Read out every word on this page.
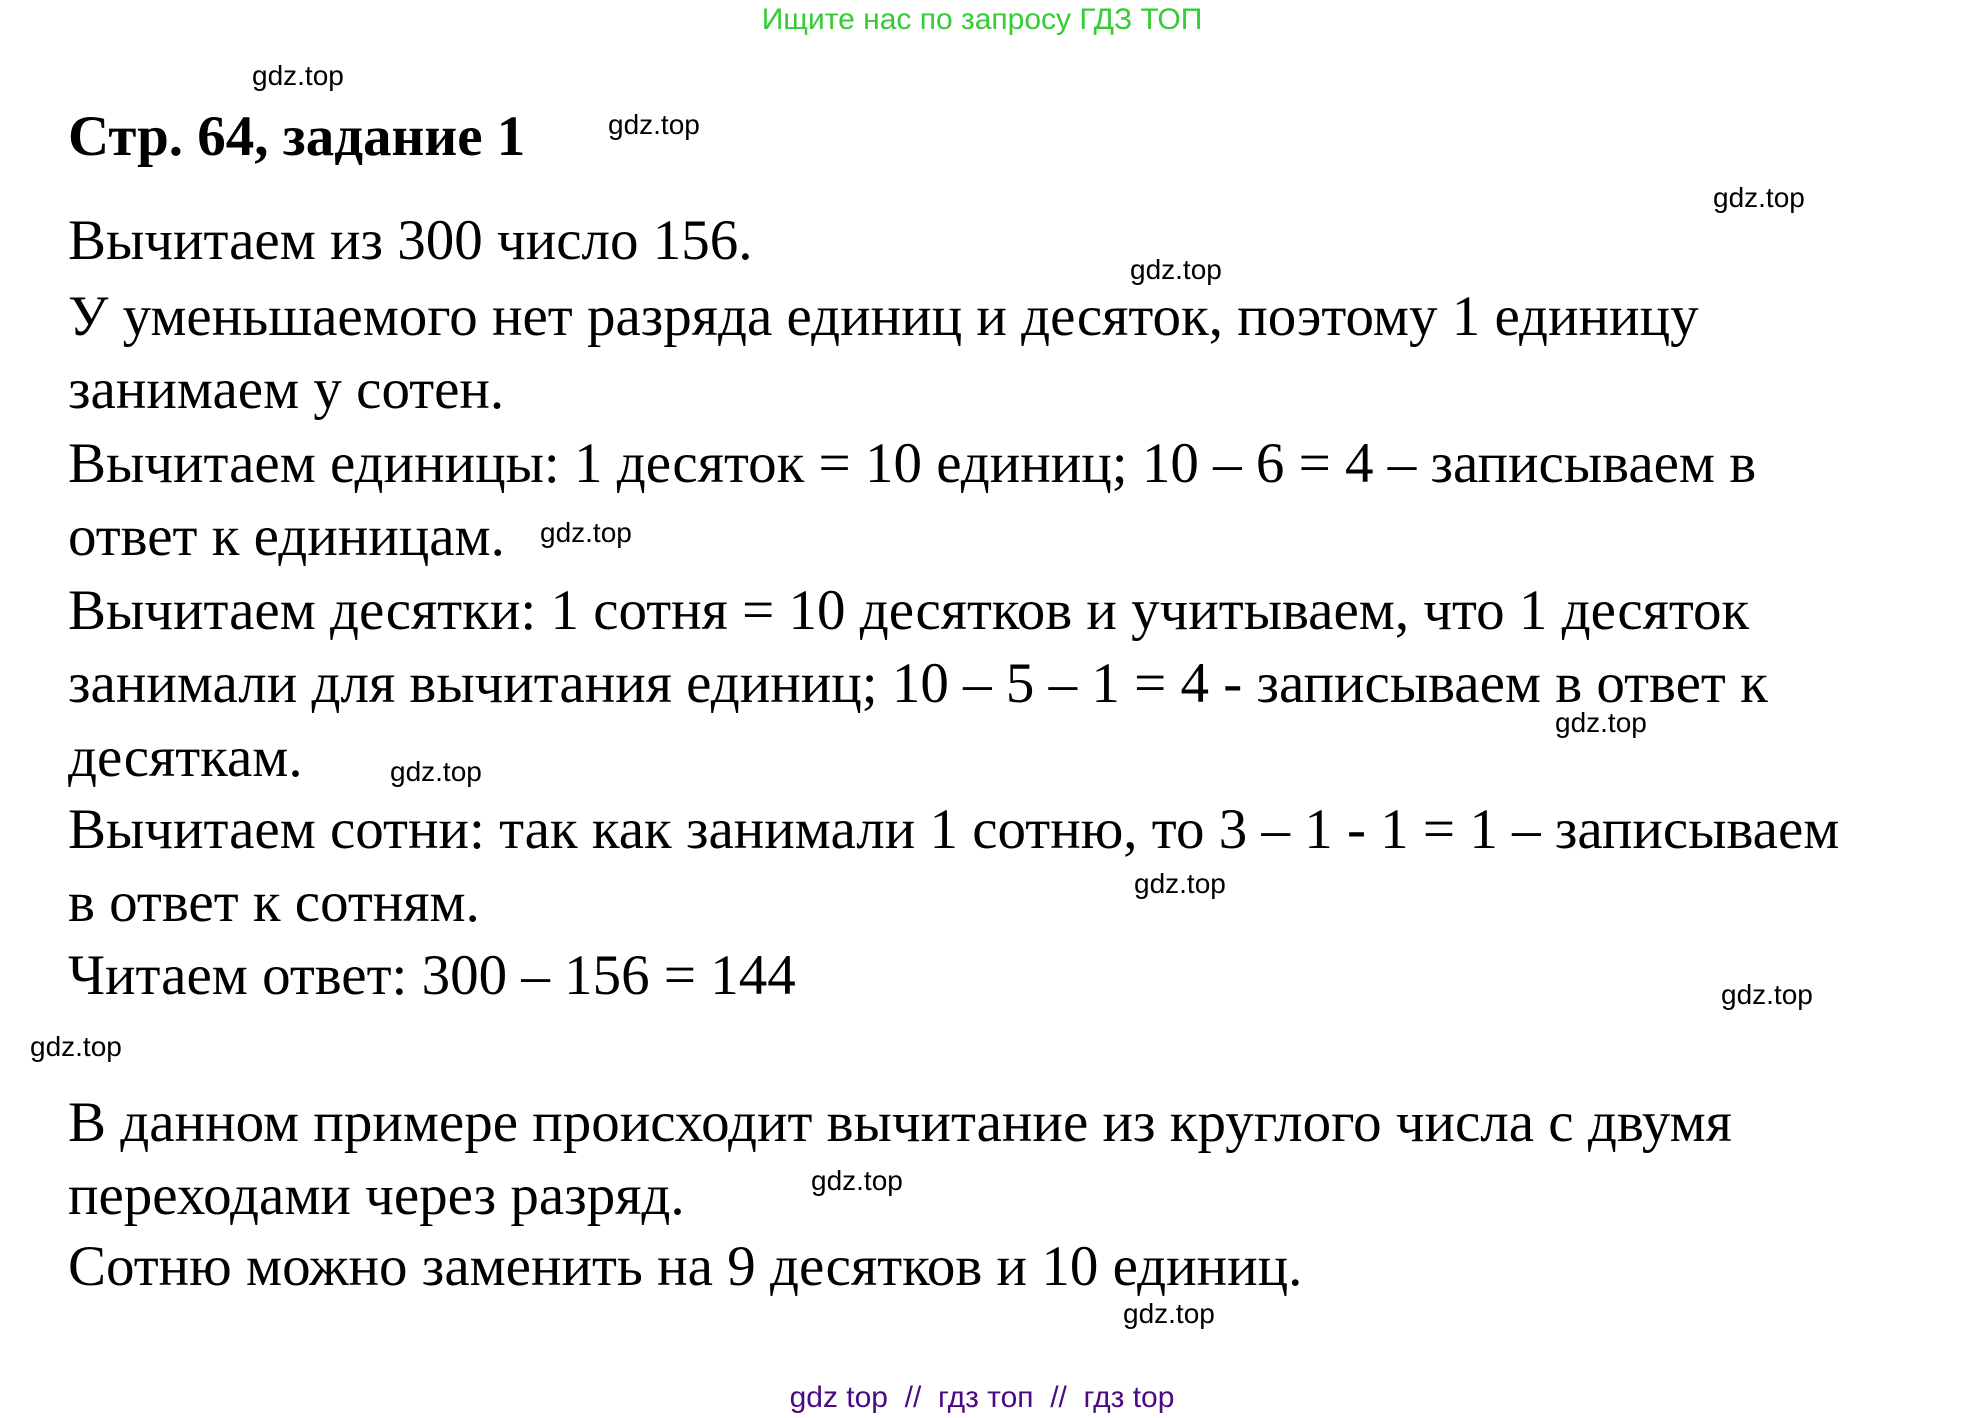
Ищите нас по запросу ГДЗ ТОП
Стр. 64, задание 1
Вычитаем из 300 число 156.
У уменьшаемого нет разряда единиц и десяток, поэтому 1 единицу
занимаем у сотен.
Вычитаем единицы: 1 десяток = 10 единиц; 10 – 6 = 4 – записываем в
ответ к единицам.
Вычитаем десятки: 1 сотня = 10 десятков и учитываем, что 1 десяток
занимали для вычитания единиц; 10 – 5 – 1 = 4 - записываем в ответ к
десяткам.
Вычитаем сотни: так как занимали 1 сотню, то 3 – 1 - 1 = 1 – записываем
в ответ к сотням.
Читаем ответ: 300 – 156 = 144
В данном примере происходит вычитание из круглого числа с двумя
переходами через разряд.
Сотню можно заменить на 9 десятков и 10 единиц.
gdz.top
gdz.top
gdz.top
gdz.top
gdz.top
gdz.top
gdz.top
gdz.top
gdz.top
gdz.top
gdz.top
gdz.top
gdz top  //  гдз топ  //  гдз top
